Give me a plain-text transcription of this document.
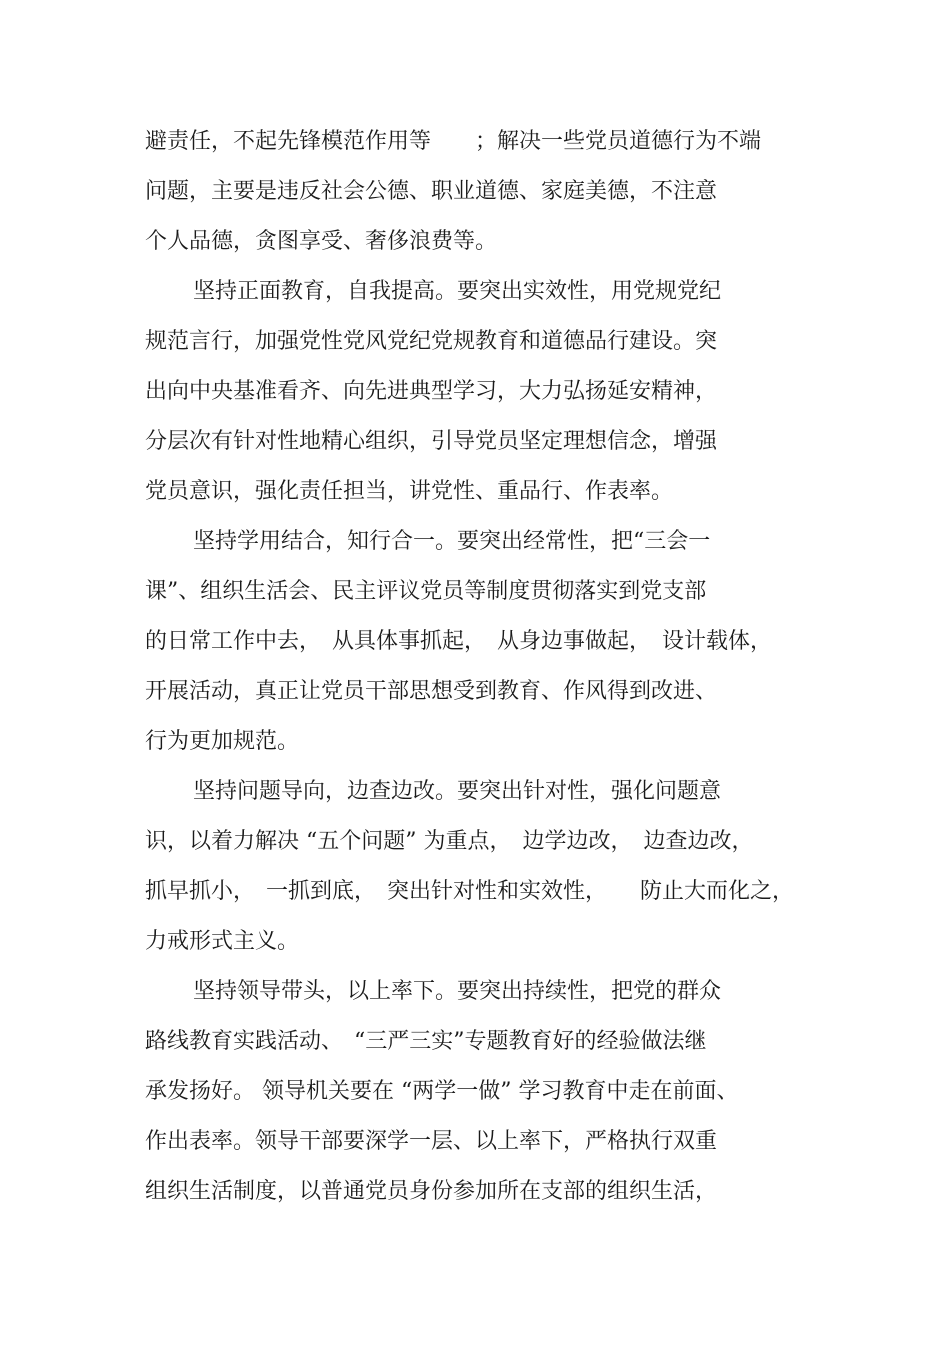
避责任，不起先锋模范作用等　　；解决一些党员道德行为不端

问题，主要是违反社会公德、职业道德、家庭美德，不注意

个人品德，贪图享受、奢侈浪费等。

坚持正面教育，自我提高。要突出实效性，用党规党纪

规范言行，加强党性党风党纪党规教育和道德品行建设。突

出向中央基准看齐、向先进典型学习，大力弘扬延安精神，

分层次有针对性地精心组织，引导党员坚定理想信念，增强

党员意识，强化责任担当，讲党性、重品行、作表率。

坚持学用结合，知行合一。要突出经常性，把“三会一

课”、组织生活会、民主评议党员等制度贯彻落实到党支部

的日常工作中去，　从具体事抓起，　从身边事做起，　设计载体，

开展活动，真正让党员干部思想受到教育、作风得到改进、

行为更加规范。

坚持问题导向，边查边改。要突出针对性，强化问题意

识，以着力解决 “五个问题” 为重点，　边学边改，　边查边改，

抓早抓小，　一抓到底，　突出针对性和实效性，　　防止大而化之，

力戒形式主义。

坚持领导带头，以上率下。要突出持续性，把党的群众

路线教育实践活动、　“三严三实”专题教育好的经验做法继

承发扬好。 领导机关要在 “两学一做” 学习教育中走在前面、

作出表率。领导干部要深学一层、以上率下，严格执行双重

组织生活制度，以普通党员身份参加所在支部的组织生活，
